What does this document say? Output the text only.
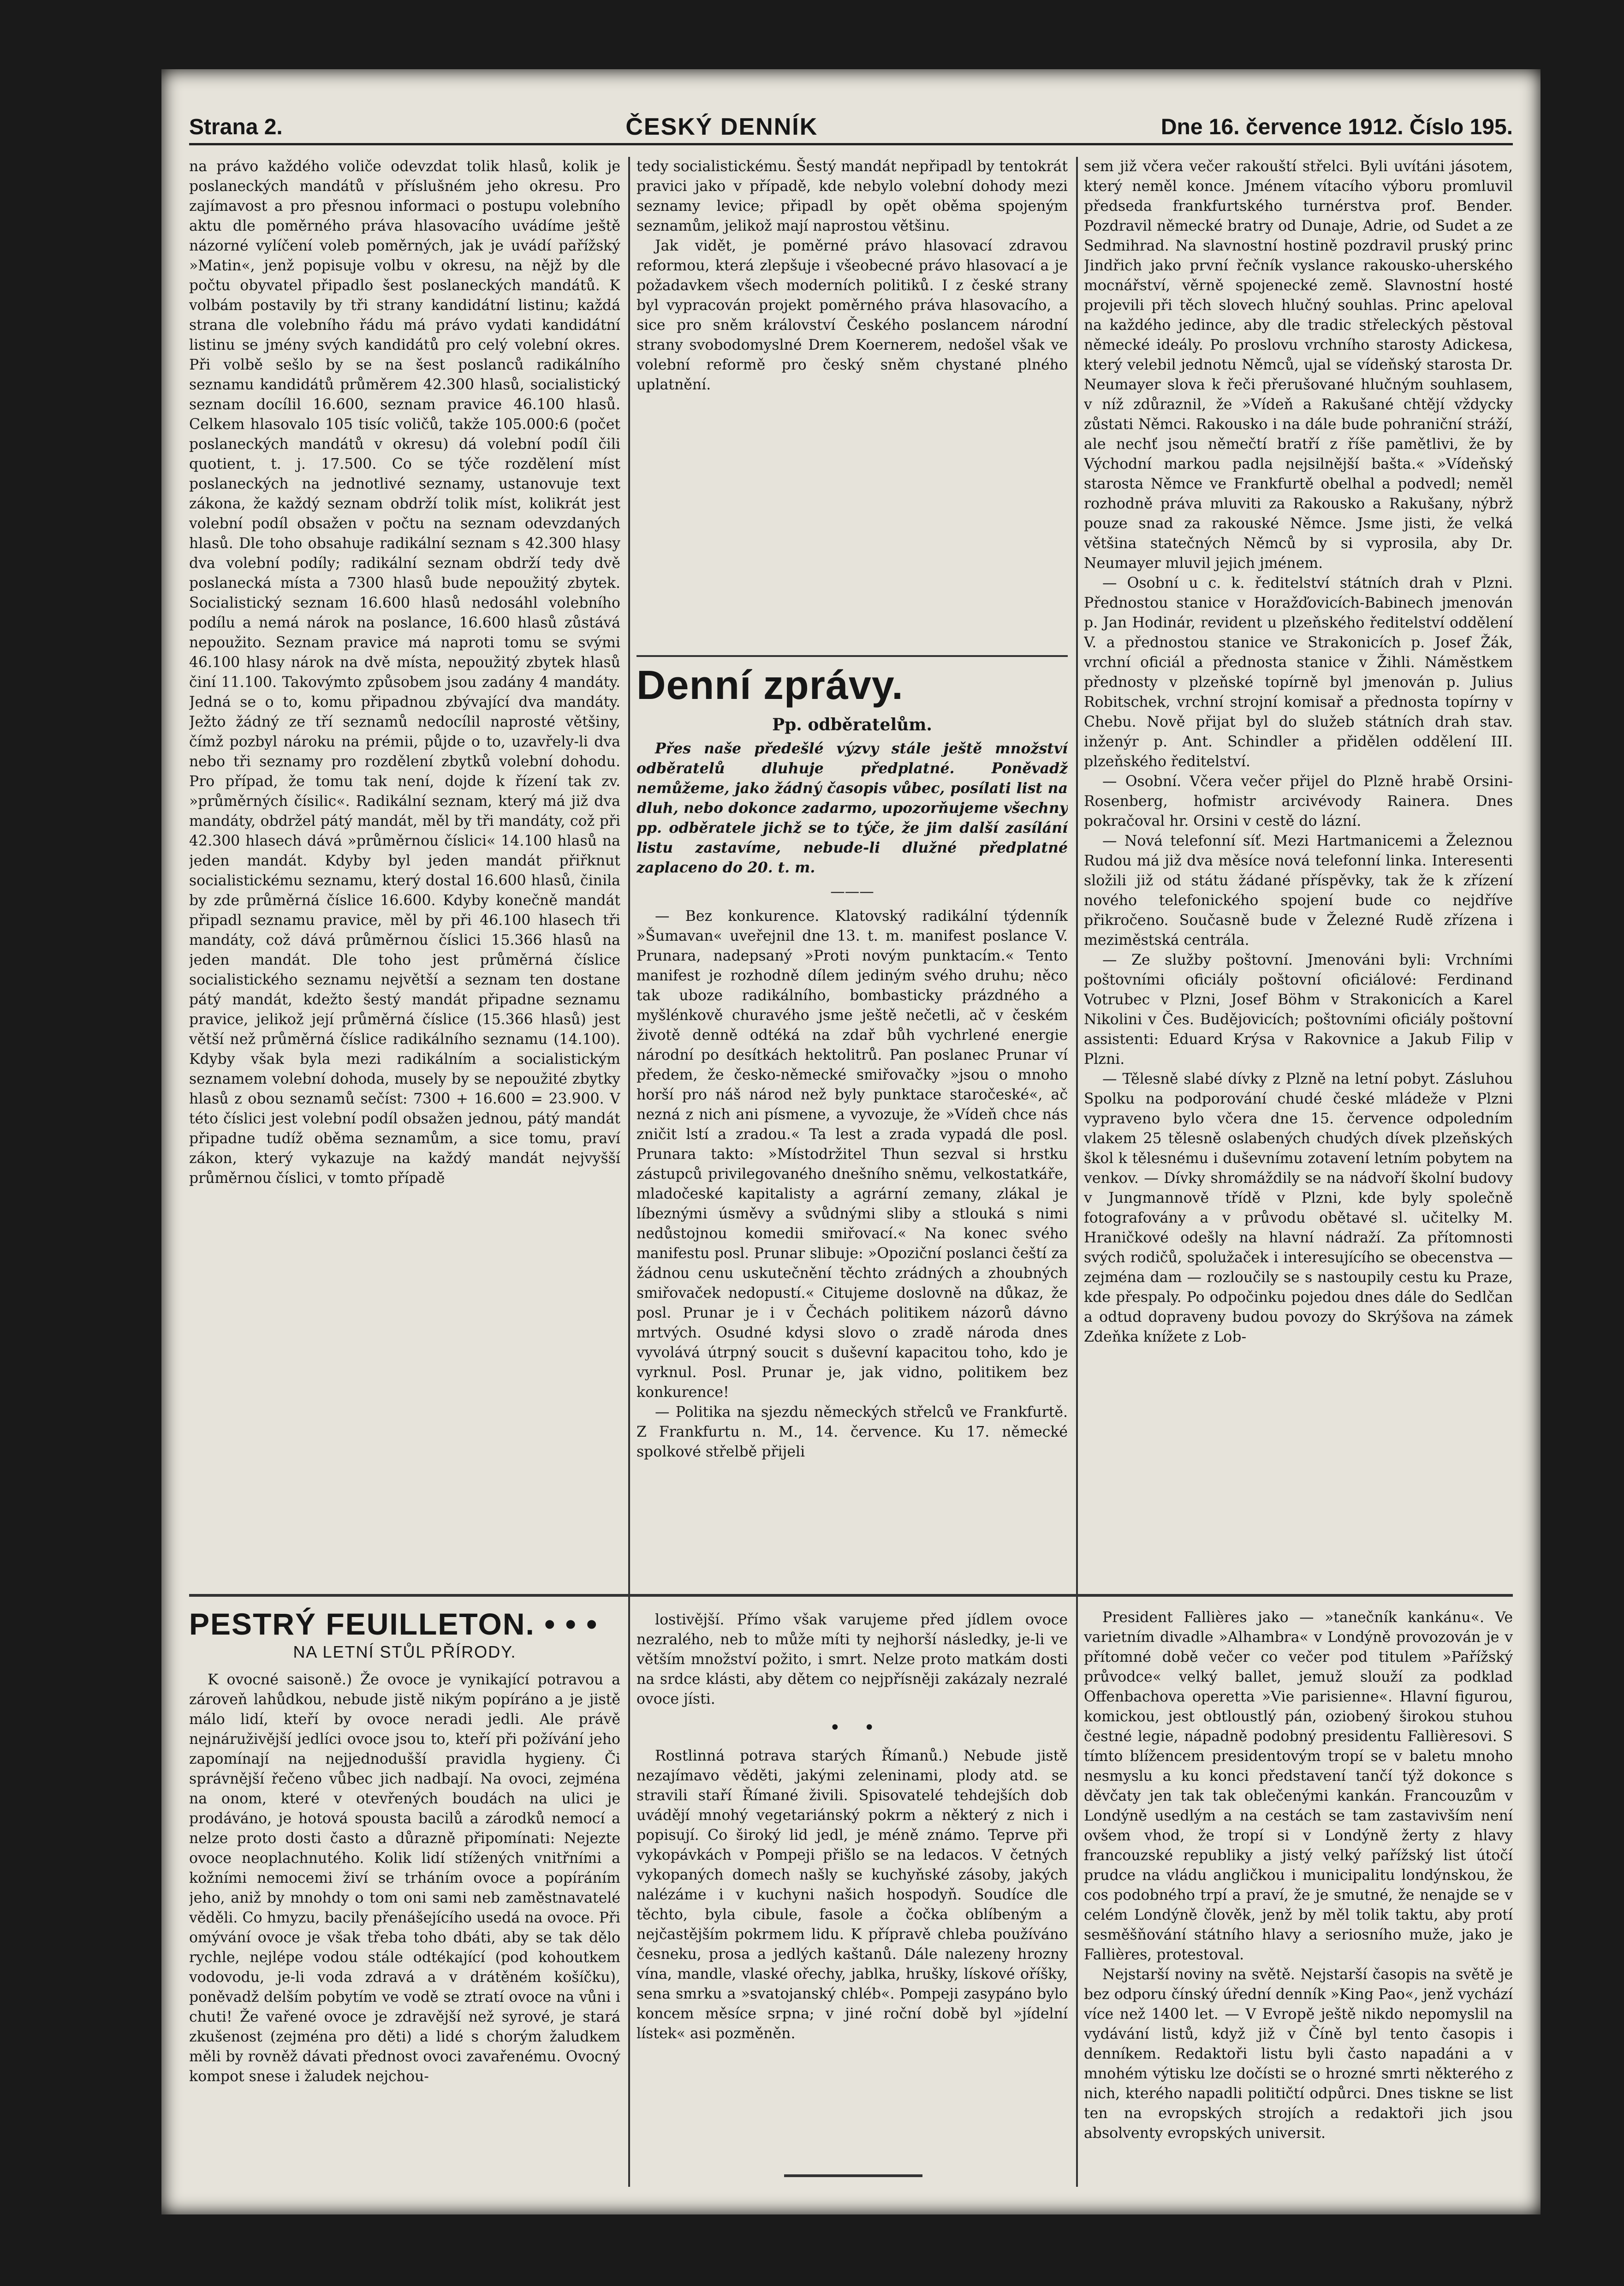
Strana 2.	ČESKÝ DENNÍK	Dne 16. července 1912. Číslo 195.

na právo každého voliče odevzdat tolik hlasů, kolik je poslaneckých mandátů v příslušném jeho okresu. Pro zajímavost a pro přesnou informaci o postupu volebního aktu dle poměrného práva hlasovacího uvádíme ještě názorné vylíčení voleb poměrných, jak je uvádí pařížský »Matin«, jenž popisuje volbu v okresu, na nějž by dle počtu obyvatel připadlo šest poslaneckých mandátů. K volbám postavily by tři strany kandidátní listinu; každá strana dle volebního řádu má právo vydati kandidátní listinu se jmény svých kandidátů pro celý volební okres. Při volbě sešlo by se na šest poslanců radikálního seznamu kandidátů průměrem 42.300 hlasů, socialistický seznam docílil 16.600, seznam pravice 46.100 hlasů. Celkem hlasovalo 105 tisíc voličů, takže 105.000:6 (počet poslaneckých mandátů v okresu) dá volební podíl čili quotient, t. j. 17.500. Co se týče rozdělení míst poslaneckých na jednotlivé seznamy, ustanovuje text zákona, že každý seznam obdrží tolik míst, kolikrát jest volební podíl obsažen v počtu na seznam odevzdaných hlasů. Dle toho obsahuje radikální seznam s 42.300 hlasy dva volební podíly; radikální seznam obdrží tedy dvě poslanecká místa a 7300 hlasů bude nepoužitý zbytek. Socialistický seznam 16.600 hlasů nedosáhl volebního podílu a nemá nárok na poslance, 16.600 hlasů zůstává nepoužito. Seznam pravice má naproti tomu se svými 46.100 hlasy nárok na dvě místa, nepoužitý zbytek hlasů činí 11.100. Takovýmto způsobem jsou zadány 4 mandáty. Jedná se o to, komu připadnou zbývající dva mandáty. Ježto žádný ze tří seznamů nedocílil naprosté většiny, čímž pozbyl nároku na prémii, půjde o to, uzavřely-li dva nebo tři seznamy pro rozdělení zbytků volební dohodu. Pro případ, že tomu tak není, dojde k řízení tak zv. »průměrných čísilic«. Radikální seznam, který má již dva mandáty, obdržel pátý mandát, měl by tři mandáty, což při 42.300 hlasech dává »průměrnou číslici« 14.100 hlasů na jeden mandát. Kdyby byl jeden mandát přiřknut socialistickému seznamu, který dostal 16.600 hlasů, činila by zde průměrná číslice 16.600. Kdyby konečně mandát připadl seznamu pravice, měl by při 46.100 hlasech tři mandáty, což dává průměrnou číslici 15.366 hlasů na jeden mandát. Dle toho jest průměrná číslice socialistického seznamu největší a seznam ten dostane pátý mandát, kdežto šestý mandát připadne seznamu pravice, jelikož její průměrná číslice (15.366 hlasů) jest větší než průměrná číslice radikálního seznamu (14.100). Kdyby však byla mezi radikálním a socialistickým seznamem volební dohoda, musely by se nepoužité zbytky hlasů z obou seznamů sečíst: 7300 + 16.600 = 23.900. V této číslici jest volební podíl obsažen jednou, pátý mandát připadne tudíž oběma seznamům, a sice tomu, praví zákon, který vykazuje na každý mandát nejvyšší průměrnou číslici, v tomto případě

tedy socialistickému. Šestý mandát nepřipadl by tentokrát pravici jako v případě, kde nebylo volební dohody mezi seznamy levice; připadl by opět oběma spojeným seznamům, jelikož mají naprostou většinu.

Jak vidět, je poměrné právo hlasovací zdravou reformou, která zlepšuje i všeobecné právo hlasovací a je požadavkem všech moderních politiků. I z české strany byl vypracován projekt poměrného práva hlasovacího, a sice pro sněm království Českého poslancem národní strany svobodomyslné Drem Koernerem, nedošel však ve volební reformě pro český sněm chystané plného uplatnění.

Denní zprávy.

Pp. odběratelům.

Přes naše předešlé výzvy stále ještě množství odběratelů dluhuje předplatné. Poněvadž nemůžeme, jako žádný časopis vůbec, posílati list na dluh, nebo dokonce zadarmo, upozorňujeme všechny pp. odběratele jichž se to týče, že jim další zasílání listu zastavíme, nebude-li dlužné předplatné zaplaceno do 20. t. m.

———

— Bez konkurence. Klatovský radikální týdenník »Šumavan« uveřejnil dne 13. t. m. manifest poslance V. Prunara, nadepsaný »Proti novým punktacím.« Tento manifest je rozhodně dílem jediným svého druhu; něco tak uboze radikálního, bombasticky prázdného a myšlénkově churavého jsme ještě nečetli, ač v českém životě denně odtéká na zdař bůh vychrlené energie národní po desítkách hektolitrů. Pan poslanec Prunar ví předem, že česko-německé smiřovačky »jsou o mnoho horší pro náš národ než byly punktace staročeské«, ač nezná z nich ani písmene, a vyvozuje, že »Vídeň chce nás zničit lstí a zradou.« Ta lest a zrada vypadá dle posl. Prunara takto: »Místodržitel Thun sezval si hrstku zástupců privilegovaného dnešního sněmu, velkostatkáře, mladočeské kapitalisty a agrární zemany, zlákal je líbeznými úsměvy a svůdnými sliby a stlouká s nimi nedůstojnou komedii smiřovací.« Na konec svého manifestu posl. Prunar slibuje: »Opoziční poslanci čeští za žádnou cenu uskutečnění těchto zrádných a zhoubných smiřovaček nedopustí.« Citujeme doslovně na důkaz, že posl. Prunar je i v Čechách politikem názorů dávno mrtvých. Osudné kdysi slovo o zradě národa dnes vyvolává útrpný soucit s duševní kapacitou toho, kdo je vyrknul. Posl. Prunar je, jak vidno, politikem bez konkurence!

— Politika na sjezdu německých střelců ve Frankfurtě. Z Frankfurtu n. M., 14. července. Ku 17. německé spolkové střelbě přijeli

sem již včera večer rakouští střelci. Byli uvítáni jásotem, který neměl konce. Jménem vítacího výboru promluvil předseda frankfurtského turnérstva prof. Bender. Pozdravil německé bratry od Dunaje, Adrie, od Sudet a ze Sedmihrad. Na slavnostní hostině pozdravil pruský princ Jindřich jako první řečník vyslance rakousko-uherského mocnářství, věrně spojenecké země. Slavnostní hosté projevili při těch slovech hlučný souhlas. Princ apeloval na každého jedince, aby dle tradic střeleckých pěstoval německé ideály. Po proslovu vrchního starosty Adickesa, který velebil jednotu Němců, ujal se vídeňský starosta Dr. Neumayer slova k řeči přerušované hlučným souhlasem, v níž zdůraznil, že »Vídeň a Rakušané chtějí vždycky zůstati Němci. Rakousko i na dále bude pohraniční stráží, ale nechť jsou němečtí bratří z říše pamětlivi, že by Východní markou padla nejsilnější bašta.« »Vídeňský starosta Němce ve Frankfurtě obelhal a podvedl; neměl rozhodně práva mluviti za Rakousko a Rakušany, nýbrž pouze snad za rakouské Němce. Jsme jisti, že velká většina statečných Němců by si vyprosila, aby Dr. Neumayer mluvil jejich jménem.

— Osobní u c. k. ředitelství státních drah v Plzni. Přednostou stanice v Horažďovicích-Babinech jmenován p. Jan Hodinár, revident u plzeňského ředitelství oddělení V. a přednostou stanice ve Strakonicích p. Josef Žák, vrchní oficiál a přednosta stanice v Žihli. Náměstkem přednosty v plzeňské topírně byl jmenován p. Julius Robitschek, vrchní strojní komisař a přednosta topírny v Chebu. Nově přijat byl do služeb státních drah stav. inženýr p. Ant. Schindler a přidělen oddělení III. plzeňského ředitelství.

— Osobní. Včera večer přijel do Plzně hrabě Orsini-Rosenberg, hofmistr arcivévody Rainera. Dnes pokračoval hr. Orsini v cestě do lázní.

— Nová telefonní síť. Mezi Hartmanicemi a Železnou Rudou má již dva měsíce nová telefonní linka. Interesenti složili již od státu žádané příspěvky, tak že k zřízení nového telefonického spojení bude co nejdříve přikročeno. Současně bude v Železné Rudě zřízena i meziměstská centrála.

— Ze služby poštovní. Jmenováni byli: Vrchními poštovními oficiály poštovní oficiálové: Ferdinand Votrubec v Plzni, Josef Böhm v Strakonicích a Karel Nikolini v Čes. Budějovicích; poštovními oficiály poštovní assistenti: Eduard Krýsa v Rakovnice a Jakub Filip v Plzni.

— Tělesně slabé dívky z Plzně na letní pobyt. Zásluhou Spolku na podporování chudé české mládeže v Plzni vypraveno bylo včera dne 15. července odpoledním vlakem 25 tělesně oslabených chudých dívek plzeňských škol k tělesnému i duševnímu zotavení letním pobytem na venkov. — Dívky shromáždily se na nádvoří školní budovy v Jungmannově třídě v Plzni, kde byly společně fotografovány a v průvodu obětavé sl. učitelky M. Hraničkové odešly na hlavní nádraží. Za přítomnosti svých rodičů, spolužaček i interesujícího se obecenstva — zejména dam — rozloučily se s nastoupily cestu ku Praze, kde přespaly. Po odpočinku pojedou dnes dále do Sedlčan a odtud dopraveny budou povozy do Skrýšova na zámek Zdeňka knížete z Lob-

PESTRÝ FEUILLETON. • • •
NA LETNÍ STŮL PŘÍRODY.

K ovocné saisoně.) Že ovoce je vynikající potravou a zároveň lahůdkou, nebude jistě nikým popíráno a je jistě málo lidí, kteří by ovoce neradi jedli. Ale právě nejnáruživější jedlíci ovoce jsou to, kteří při požívání jeho zapomínají na nejjednodušší pravidla hygieny. Či správnější řečeno vůbec jich nadbají. Na ovoci, zejména na onom, které v otevřených boudách na ulici je prodáváno, je hotová spousta bacilů a zárodků nemocí a nelze proto dosti často a důrazně připomínati: Nejezte ovoce neoplachnutého. Kolik lidí stížených vnitřními a kožními nemocemi živí se trháním ovoce a popíráním jeho, aniž by mnohdy o tom oni sami neb zaměstnavatelé věděli. Co hmyzu, bacily přenášejícího usedá na ovoce. Při omývání ovoce je však třeba toho dbáti, aby se tak dělo rychle, nejlépe vodou stále odtékající (pod kohoutkem vodovodu, je-li voda zdravá a v drátěném košíčku), poněvadž delším pobytím ve vodě se ztratí ovoce na vůni i chuti! Že vařené ovoce je zdravější než syrové, je stará zkušenost (zejména pro děti) a lidé s chorým žaludkem měli by rovněž dávati přednost ovoci zavařenému. Ovocný kompot snese i žaludek nejchou-

lostivější. Přímo však varujeme před jídlem ovoce nezralého, neb to může míti ty nejhorší následky, je-li ve větším množství požito, i smrt. Nelze proto matkám dosti na srdce klásti, aby dětem co nejpřísněji zakázaly nezralé ovoce jísti.

•    •

Rostlinná potrava starých Římanů.) Nebude jistě nezajímavo věděti, jakými zeleninami, plody atd. se stravili staří Římané živili. Spisovatelé tehdejších dob uvádějí mnohý vegetariánský pokrm a některý z nich i popisují. Co široký lid jedl, je méně známo. Teprve při vykopávkách v Pompeji přišlo se na ledacos. V četných vykopaných domech našly se kuchyňské zásoby, jakých nalézáme i v kuchyni našich hospodyň. Soudíce dle těchto, byla cibule, fasole a čočka oblíbeným a nejčastějším pokrmem lidu. K přípravě chleba používáno česneku, prosa a jedlých kaštanů. Dále nalezeny hrozny vína, mandle, vlaské ořechy, jablka, hrušky, lískové oříšky, sena smrku a »svatojanský chléb«. Pompeji zasypáno bylo koncem měsíce srpna; v jiné roční době byl »jídelní lístek« asi pozměněn.

President Fallières jako — »tanečník kankánu«. Ve varietním divadle »Alhambra« v Londýně provozován je v přítomné době večer co večer pod titulem »Pařížský průvodce« velký ballet, jemuž slouží za podklad Offenbachova operetta »Vie parisienne«. Hlavní figurou, komickou, jest obtloustlý pán, oziobený širokou stuhou čestné legie, nápadně podobný presidentu Fallièresovi. S tímto blížencem presidentovým tropí se v baletu mnoho nesmyslu a ku konci představení tančí týž dokonce s děvčaty jen tak tak oblečenými kankán. Francouzům v Londýně usedlým a na cestách se tam zastavivším není ovšem vhod, že tropí si v Londýně žerty z hlavy francouzské republiky a jistý velký pařížský list útočí prudce na vládu angličkou i municipalitu londýnskou, že cos podobného trpí a praví, že je smutné, že nenajde se v celém Londýně člověk, jenž by měl tolik taktu, aby protí sesměšňování státního hlavy a seriosního muže, jako je Fallières, protestoval.

Nejstarší noviny na světě. Nejstarší časopis na světě je bez odporu čínský úřední denník »King Pao«, jenž vychází více než 1400 let. — V Evropě ještě nikdo nepomyslil na vydávání listů, když již v Číně byl tento časopis i denníkem. Redaktoři listu byli často napadáni a v mnohém výtisku lze dočísti se o hrozné smrti některého z nich, kterého napadli političtí odpůrci. Dnes tiskne se list ten na evropských strojích a redaktoři jich jsou absolventy evropských universit.
